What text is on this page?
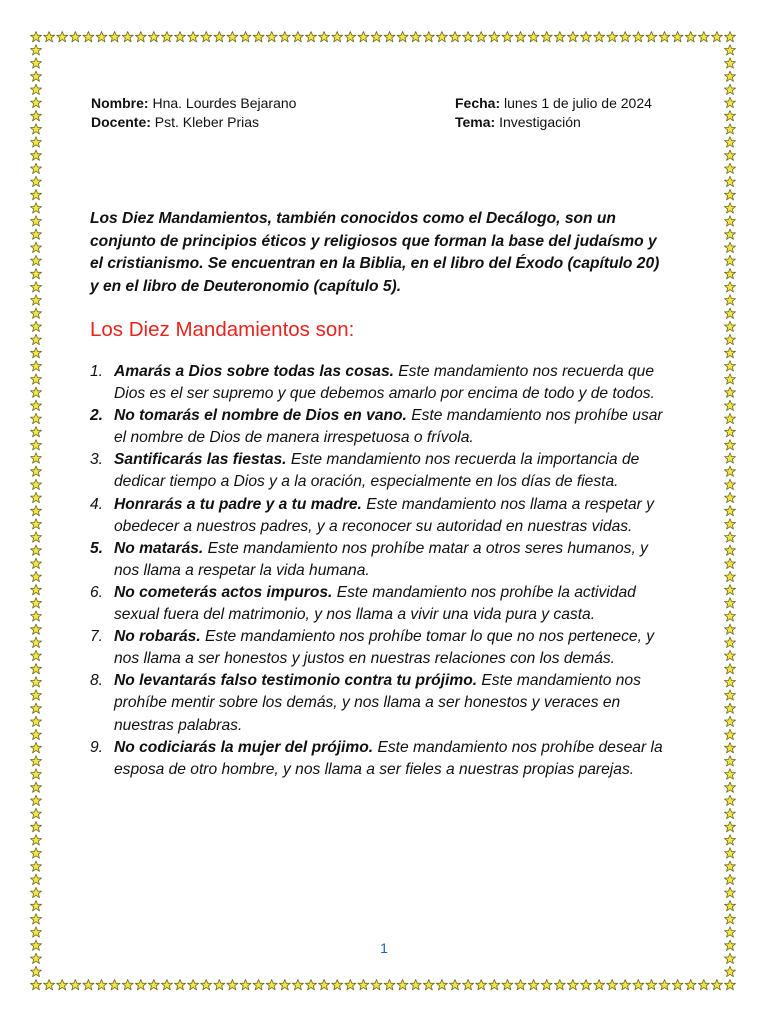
Nombre: Hna. Lourdes Bejarano	Fecha: lunes 1 de julio de 2024
Docente: Pst. Kleber Prias	Tema: Investigación

Los Diez Mandamientos, también conocidos como el Decálogo, son un conjunto de principios éticos y religiosos que forman la base del judaísmo y el cristianismo. Se encuentran en la Biblia, en el libro del Éxodo (capítulo 20) y en el libro de Deuteronomio (capítulo 5).

Los Diez Mandamientos son:
1. Amarás a Dios sobre todas las cosas. Este mandamiento nos recuerda que Dios es el ser supremo y que debemos amarlo por encima de todo y de todos.
2. No tomarás el nombre de Dios en vano. Este mandamiento nos prohíbe usar el nombre de Dios de manera irrespetuosa o frívola.
3. Santificarás las fiestas. Este mandamiento nos recuerda la importancia de dedicar tiempo a Dios y a la oración, especialmente en los días de fiesta.
4. Honrarás a tu padre y a tu madre. Este mandamiento nos llama a respetar y obedecer a nuestros padres, y a reconocer su autoridad en nuestras vidas.
5. No matarás. Este mandamiento nos prohíbe matar a otros seres humanos, y nos llama a respetar la vida humana.
6. No cometerás actos impuros. Este mandamiento nos prohíbe la actividad sexual fuera del matrimonio, y nos llama a vivir una vida pura y casta.
7. No robarás. Este mandamiento nos prohíbe tomar lo que no nos pertenece, y nos llama a ser honestos y justos en nuestras relaciones con los demás.
8. No levantarás falso testimonio contra tu prójimo. Este mandamiento nos prohíbe mentir sobre los demás, y nos llama a ser honestos y veraces en nuestras palabras.
9. No codiciarás la mujer del prójimo. Este mandamiento nos prohíbe desear la esposa de otro hombre, y nos llama a ser fieles a nuestras propias parejas.
1
